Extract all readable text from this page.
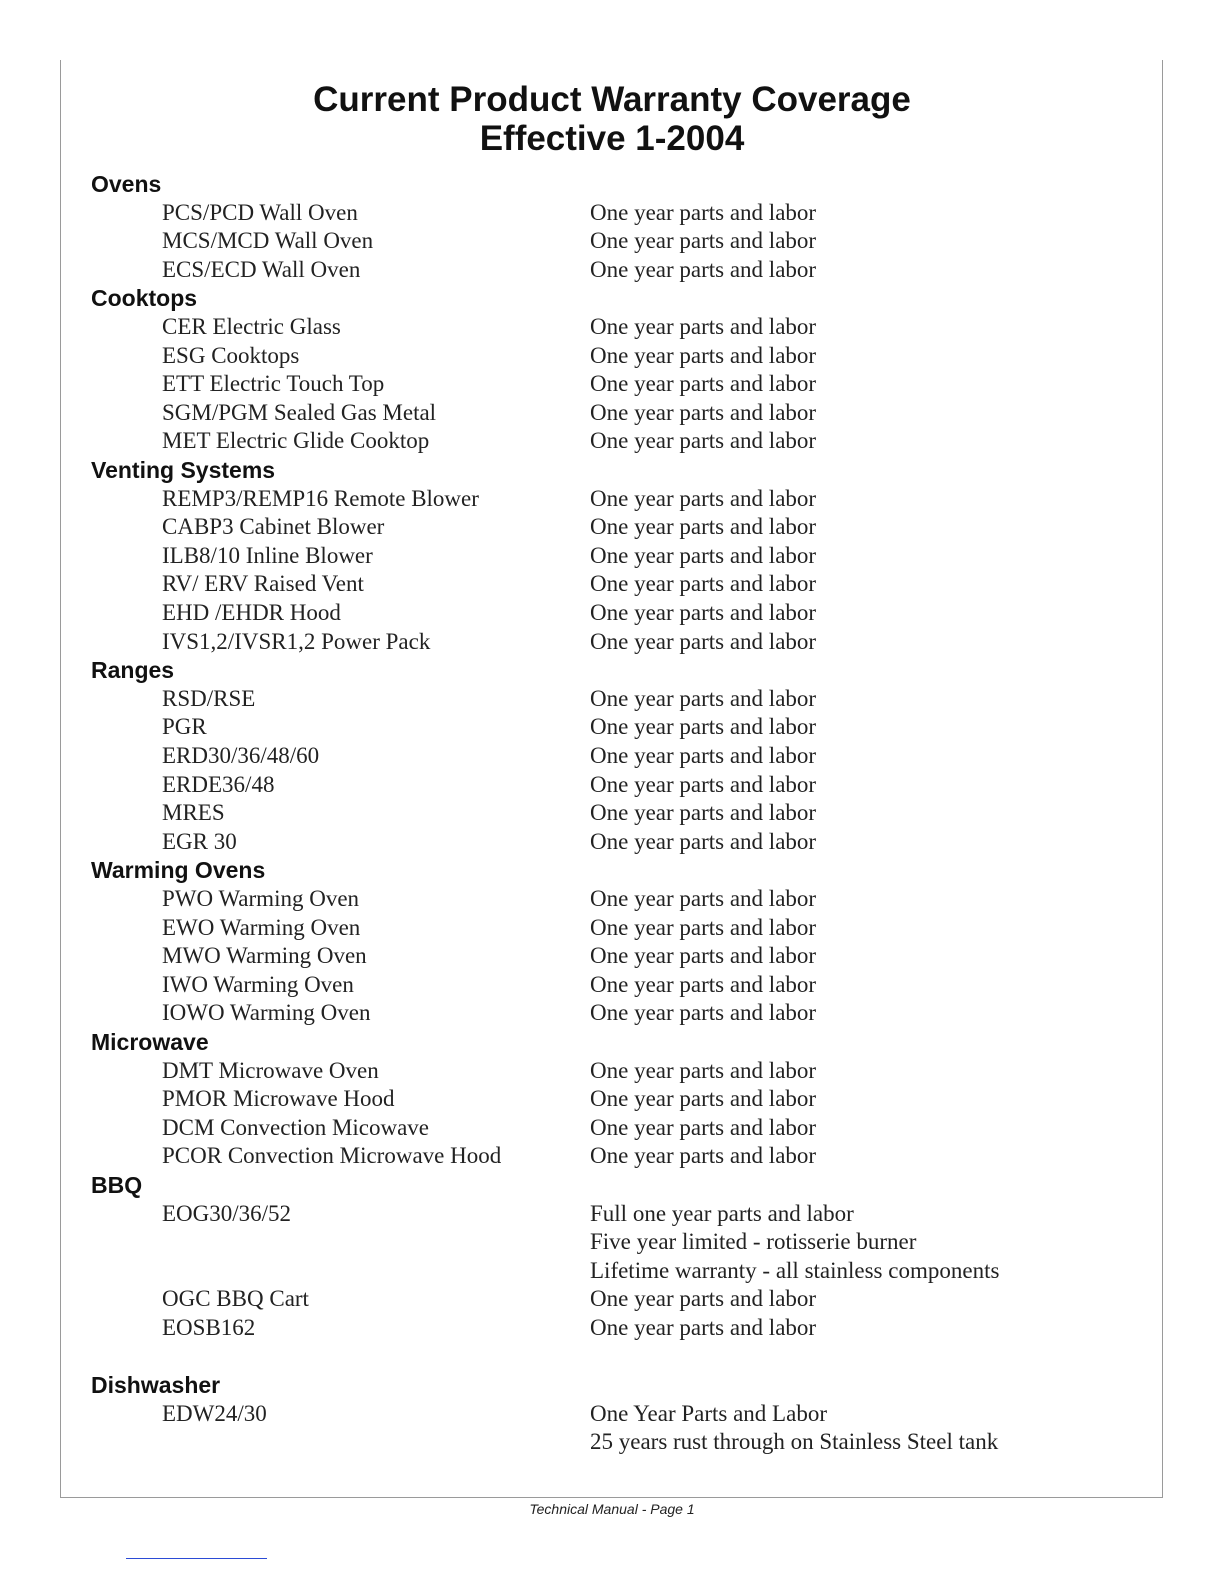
Current Product Warranty Coverage
Effective 1-2004
Ovens
PCS/PCD Wall Oven	One year parts and labor
MCS/MCD Wall Oven	One year parts and labor
ECS/ECD Wall Oven	One year parts and labor
Cooktops
CER Electric Glass	One year parts and labor
ESG Cooktops	One year parts and labor
ETT Electric Touch Top	One year parts and labor
SGM/PGM Sealed Gas Metal	One year parts and labor
MET Electric Glide Cooktop	One year parts and labor
Venting Systems
REMP3/REMP16 Remote Blower	One year parts and labor
CABP3 Cabinet Blower	One year parts and labor
ILB8/10 Inline Blower	One year parts and labor
RV/ ERV Raised Vent	One year parts and labor
EHD /EHDR Hood	One year parts and labor
IVS1,2/IVSR1,2 Power Pack	One year parts and labor
Ranges
RSD/RSE	One year parts and labor
PGR	One year parts and labor
ERD30/36/48/60	One year parts and labor
ERDE36/48	One year parts and labor
MRES	One year parts and labor
EGR 30	One year parts and labor
Warming Ovens
PWO Warming Oven	One year parts and labor
EWO Warming Oven	One year parts and labor
MWO Warming Oven	One year parts and labor
IWO Warming Oven	One year parts and labor
IOWO Warming Oven	One year parts and labor
Microwave
DMT Microwave Oven	One year parts and labor
PMOR Microwave Hood	One year parts and labor
DCM Convection Micowave	One year parts and labor
PCOR Convection Microwave Hood	One year parts and labor
BBQ
EOG30/36/52	Full one year parts and labor
Five year limited - rotisserie burner
Lifetime warranty - all stainless components
OGC BBQ Cart	One year parts and labor
EOSB162	One year parts and labor
Dishwasher
EDW24/30	One Year Parts and Labor
25 years rust through on Stainless Steel tank
Technical Manual - Page 1
